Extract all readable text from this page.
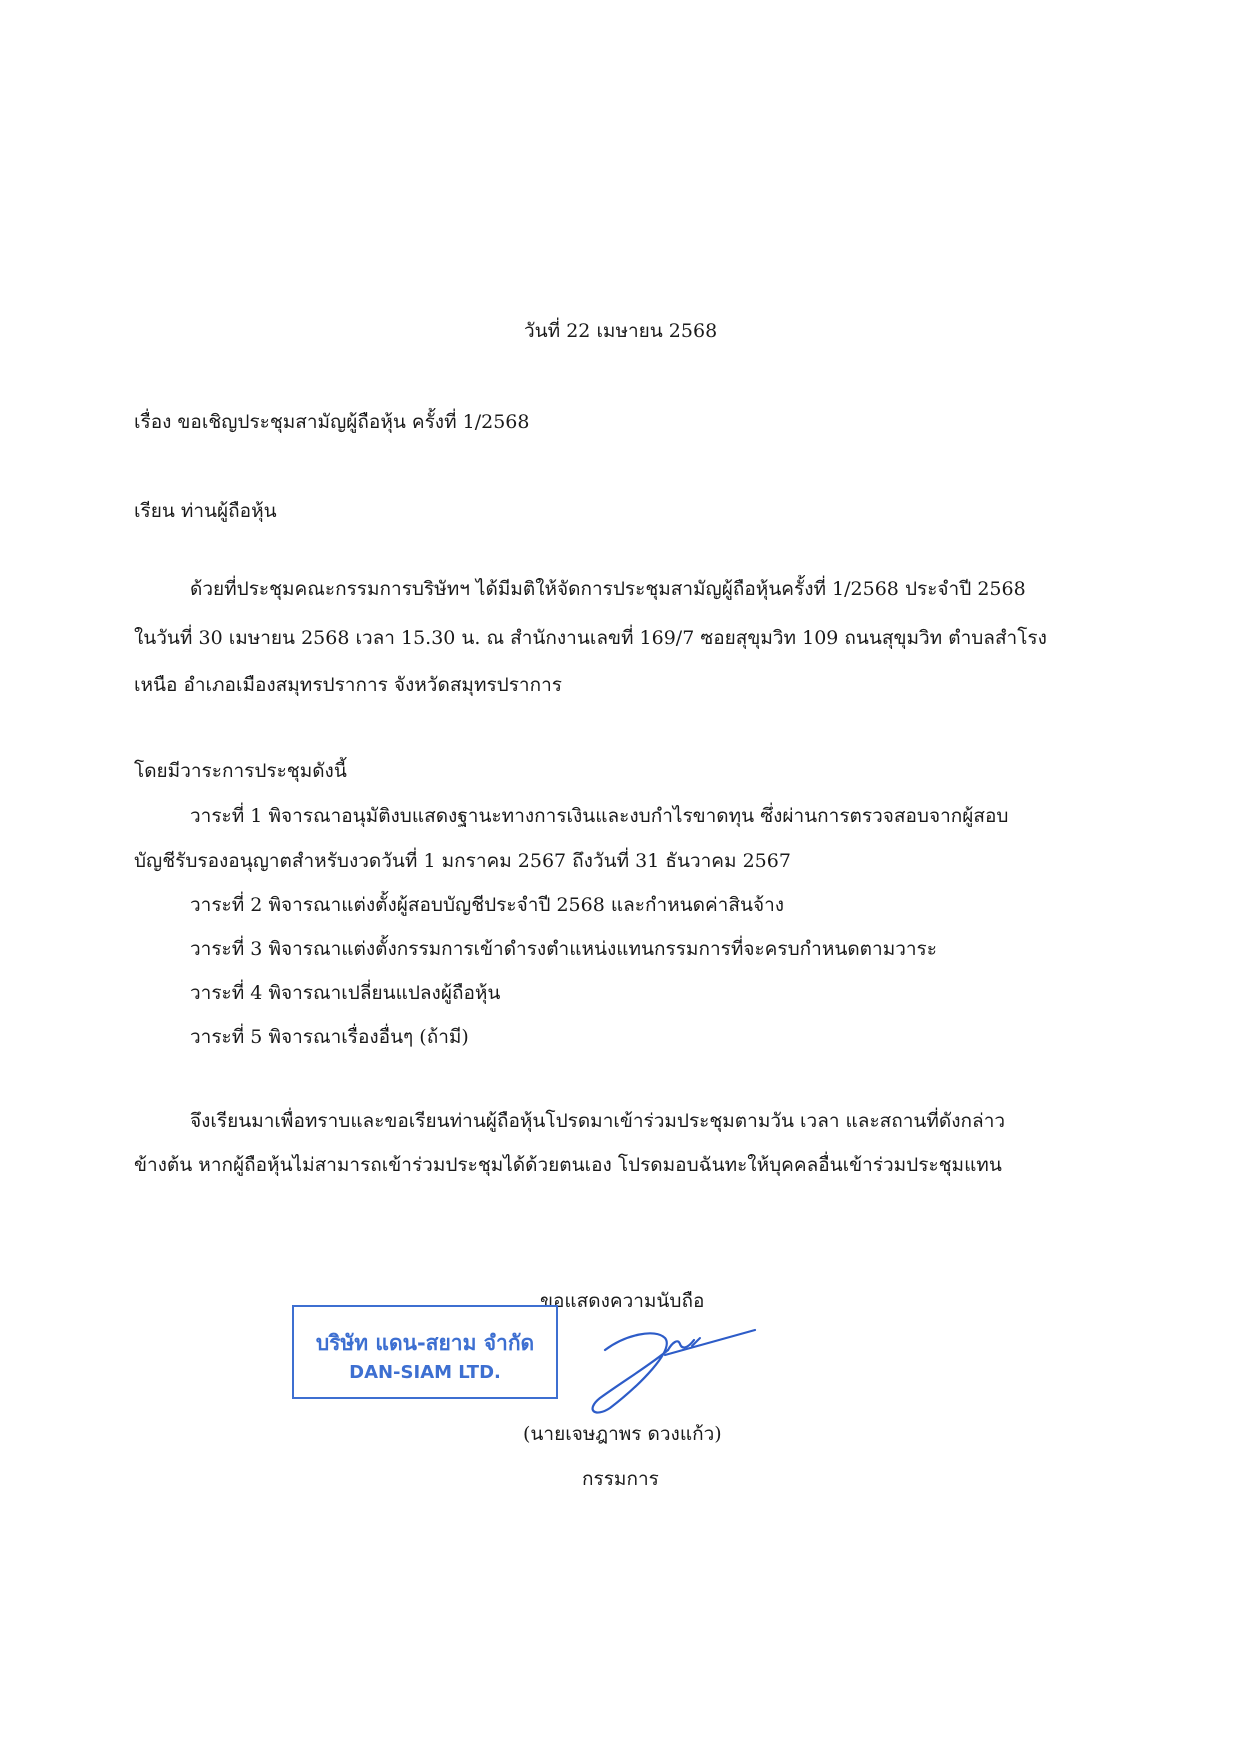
วันที่ 22 เมษายน 2568
เรื่อง ขอเชิญประชุมสามัญผู้ถือหุ้น ครั้งที่ 1/2568
เรียน ท่านผู้ถือหุ้น
ด้วยที่ประชุมคณะกรรมการบริษัทฯ ได้มีมติให้จัดการประชุมสามัญผู้ถือหุ้นครั้งที่ 1/2568 ประจำปี 2568
ในวันที่ 30 เมษายน 2568 เวลา 15.30 น. ณ สำนักงานเลขที่ 169/7 ซอยสุขุมวิท 109 ถนนสุขุมวิท ตำบลสำโรง
เหนือ อำเภอเมืองสมุทรปราการ จังหวัดสมุทรปราการ
โดยมีวาระการประชุมดังนี้
วาระที่ 1 พิจารณาอนุมัติงบแสดงฐานะทางการเงินและงบกำไรขาดทุน ซึ่งผ่านการตรวจสอบจากผู้สอบ
บัญชีรับรองอนุญาตสำหรับงวดวันที่ 1 มกราคม 2567 ถึงวันที่ 31 ธันวาคม 2567
วาระที่ 2 พิจารณาแต่งตั้งผู้สอบบัญชีประจำปี 2568 และกำหนดค่าสินจ้าง
วาระที่ 3 พิจารณาแต่งตั้งกรรมการเข้าดำรงตำแหน่งแทนกรรมการที่จะครบกำหนดตามวาระ
วาระที่ 4 พิจารณาเปลี่ยนแปลงผู้ถือหุ้น
วาระที่ 5 พิจารณาเรื่องอื่นๆ (ถ้ามี)
จึงเรียนมาเพื่อทราบและขอเรียนท่านผู้ถือหุ้นโปรดมาเข้าร่วมประชุมตามวัน เวลา และสถานที่ดังกล่าว
ข้างต้น หากผู้ถือหุ้นไม่สามารถเข้าร่วมประชุมได้ด้วยตนเอง โปรดมอบฉันทะให้บุคคลอื่นเข้าร่วมประชุมแทน
ขอแสดงความนับถือ
บริษัท แดน-สยาม จำกัด
DAN-SIAM LTD.
(นายเจษฎาพร ดวงแก้ว)
กรรมการ
